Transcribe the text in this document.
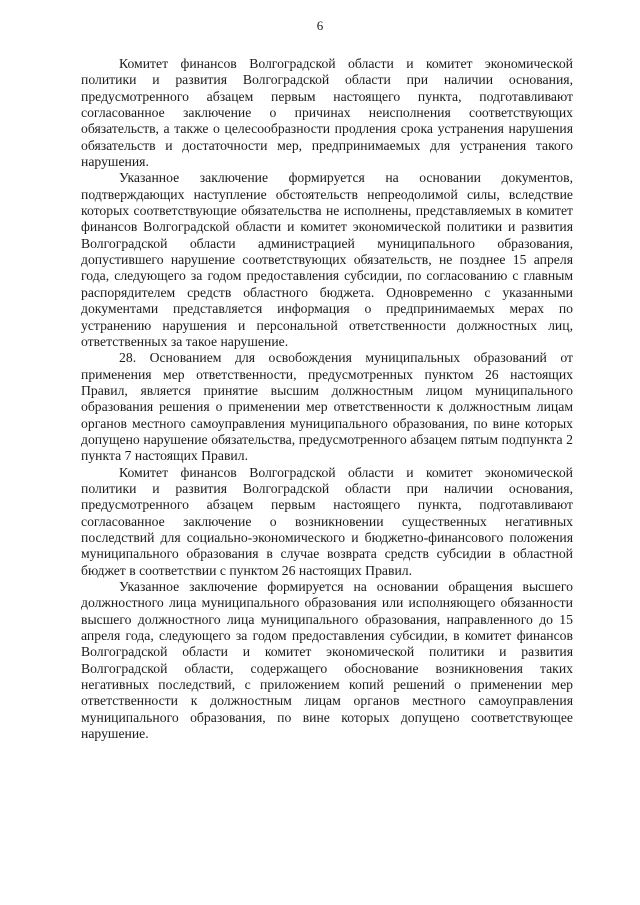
6

Комитет финансов Волгоградской области и комитет экономической политики и развития Волгоградской области при наличии основания, предусмотренного абзацем первым настоящего пункта, подготавливают согласованное заключение о причинах неисполнения соответствующих обязательств, а также о целесообразности продления срока устранения нарушения обязательств и достаточности мер, предпринимаемых для устранения такого нарушения.

Указанное заключение формируется на основании документов, подтверждающих наступление обстоятельств непреодолимой силы, вследствие которых соответствующие обязательства не исполнены, представляемых в комитет финансов Волгоградской области и комитет экономической политики и развития Волгоградской области администрацией муниципального образования, допустившего нарушение соответствующих обязательств, не позднее 15 апреля года, следующего за годом предоставления субсидии, по согласованию с главным распорядителем средств областного бюджета. Одновременно с указанными документами представляется информация о предпринимаемых мерах по устранению нарушения и персональной ответственности должностных лиц, ответственных за такое нарушение.

28. Основанием для освобождения муниципальных образований от применения мер ответственности, предусмотренных пунктом 26 настоящих Правил, является принятие высшим должностным лицом муниципального образования решения о применении мер ответственности к должностным лицам органов местного самоуправления муниципального образования, по вине которых допущено нарушение обязательства, предусмотренного абзацем пятым подпункта 2 пункта 7 настоящих Правил.

Комитет финансов Волгоградской области и комитет экономической политики и развития Волгоградской области при наличии основания, предусмотренного абзацем первым настоящего пункта, подготавливают согласованное заключение о возникновении существенных негативных последствий для социально-экономического и бюджетно-финансового положения муниципального образования в случае возврата средств субсидии в областной бюджет в соответствии с пунктом 26 настоящих Правил.

Указанное заключение формируется на основании обращения высшего должностного лица муниципального образования или исполняющего обязанности высшего должностного лица муниципального образования, направленного до 15 апреля года, следующего за годом предоставления субсидии, в комитет финансов Волгоградской области и комитет экономической политики и развития Волгоградской области, содержащего обоснование возникновения таких негативных последствий, с приложением копий решений о применении мер ответственности к должностным лицам органов местного самоуправления муниципального образования, по вине которых допущено соответствующее нарушение.
